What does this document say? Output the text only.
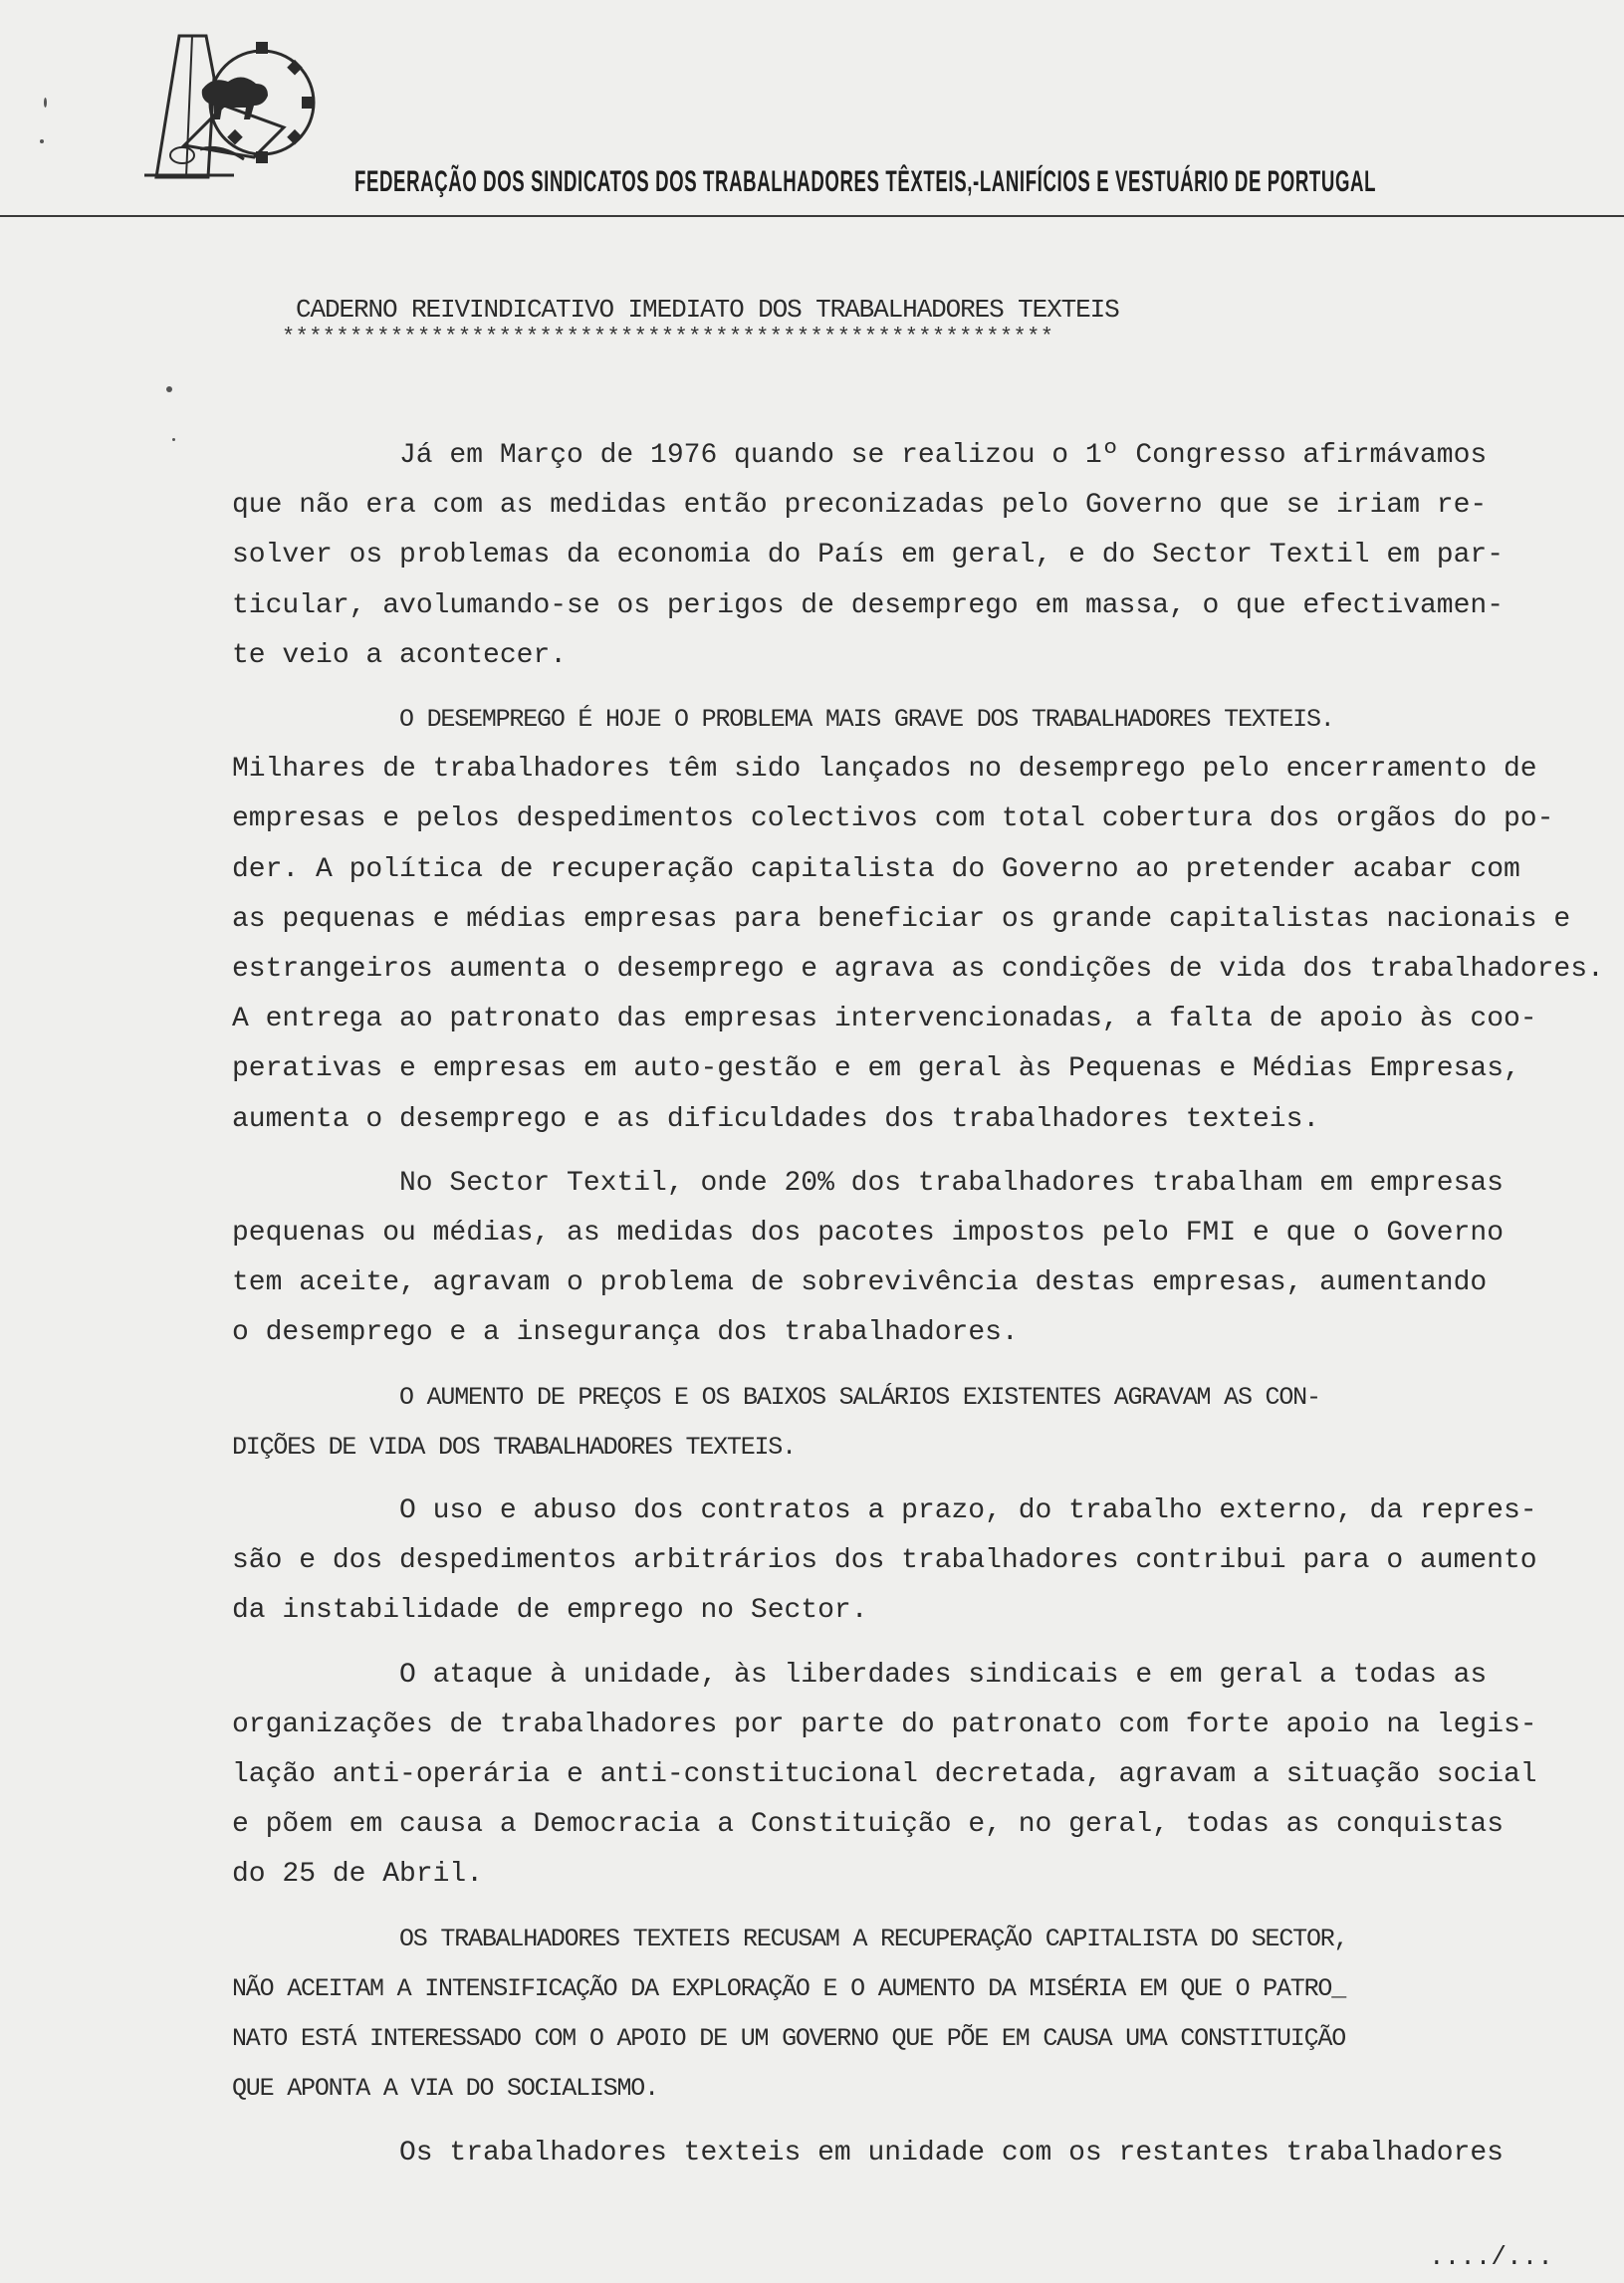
FEDERAÇÃO DOS SINDICATOS DOS TRABALHADORES TÊXTEIS,-LANIFÍCIOS E VESTUÁRIO DE PORTUGAL
CADERNO REIVINDICATIVO IMEDIATO DOS TRABALHADORES TEXTEIS
*********************************************************

Já em Março de 1976 quando se realizou o 1º Congresso afirmávamos
que não era com as medidas então preconizadas pelo Governo que se iriam re-
solver os problemas da economia do País em geral, e do Sector Textil em par-
ticular, avolumando-se os perigos de desemprego em massa, o que efectivamen-
te veio a acontecer.

O DESEMPREGO É HOJE O PROBLEMA MAIS GRAVE DOS TRABALHADORES TEXTEIS.
Milhares de trabalhadores têm sido lançados no desemprego pelo encerramento de
empresas e pelos despedimentos colectivos com total cobertura dos orgãos do po-
der. A política de recuperação capitalista do Governo ao pretender acabar com
as pequenas e médias empresas para beneficiar os grande capitalistas nacionais e
estrangeiros aumenta o desemprego e agrava as condições de vida dos trabalhadores.
A entrega ao patronato das empresas intervencionadas, a falta de apoio às coo-
perativas e empresas em auto-gestão e em geral às Pequenas e Médias Empresas,
aumenta o desemprego e as dificuldades dos trabalhadores texteis.

No Sector Textil, onde 20% dos trabalhadores trabalham em empresas
pequenas ou médias, as medidas dos pacotes impostos pelo FMI e que o Governo
tem aceite, agravam o problema de sobrevivência destas empresas, aumentando
o desemprego e a insegurança dos trabalhadores.

O AUMENTO DE PREÇOS E OS BAIXOS SALÁRIOS EXISTENTES AGRAVAM AS CON-
DIÇÕES DE VIDA DOS TRABALHADORES TEXTEIS.

O uso e abuso dos contratos a prazo, do trabalho externo, da repres-
são e dos despedimentos arbitrários dos trabalhadores contribui para o aumento
da instabilidade de emprego no Sector.

O ataque à unidade, às liberdades sindicais e em geral a todas as
organizações de trabalhadores por parte do patronato com forte apoio na legis-
lação anti-operária e anti-constitucional decretada, agravam a situação social
e põem em causa a Democracia a Constituição e, no geral, todas as conquistas
do 25 de Abril.

OS TRABALHADORES TEXTEIS RECUSAM A RECUPERAÇÃO CAPITALISTA DO SECTOR,
NÃO ACEITAM A INTENSIFICAÇÃO DA EXPLORAÇÃO E O AUMENTO DA MISÉRIA EM QUE O PATRO_
NATO ESTÁ INTERESSADO COM O APOIO DE UM GOVERNO QUE PÕE EM CAUSA UMA CONSTITUIÇÃO
QUE APONTA A VIA DO SOCIALISMO.

Os trabalhadores texteis em unidade com os restantes trabalhadores

..../...
